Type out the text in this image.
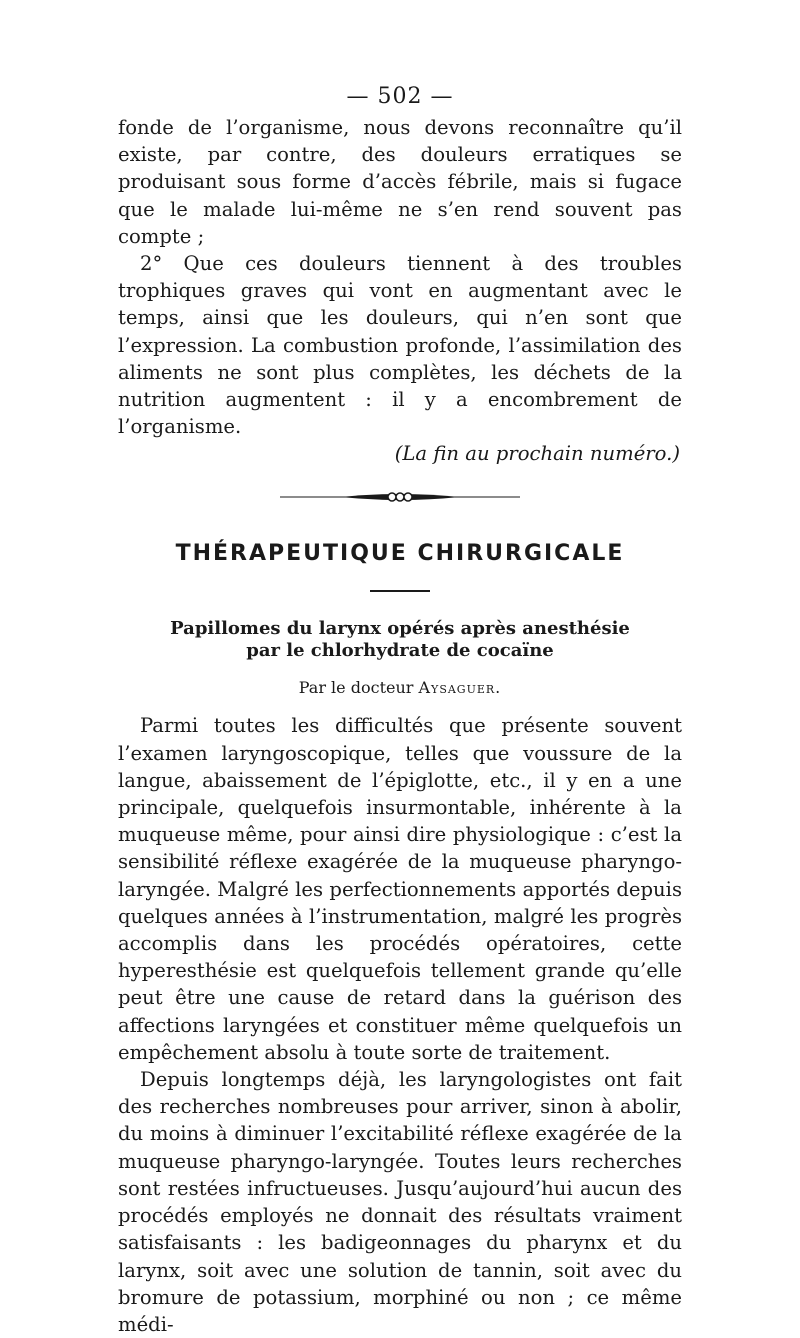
— 502 —

fonde de l’organisme, nous devons reconnaître qu’il existe, par contre, des douleurs erratiques se produisant sous forme d’accès fébrile, mais si fugace que le malade lui-même ne s’en rend souvent pas compte ;

2° Que ces douleurs tiennent à des troubles trophiques graves qui vont en augmentant avec le temps, ainsi que les douleurs, qui n’en sont que l’expression. La combustion profonde, l’assimilation des aliments ne sont plus complètes, les déchets de la nutrition augmentent : il y a encombrement de l’organisme.

(La fin au prochain numéro.)
THÉRAPEUTIQUE CHIRURGICALE

Papillomes du larynx opérés après anesthésie

par le chlorhydrate de cocaïne

Par le docteur Aysaguer.

Parmi toutes les difficultés que présente souvent l’examen laryngoscopique, telles que voussure de la langue, abaissement de l’épiglotte, etc., il y en a une principale, quelquefois insurmontable, inhérente à la muqueuse même, pour ainsi dire physiologique : c’est la sensibilité réflexe exagérée de la muqueuse pharyngo-laryngée. Malgré les perfectionnements apportés depuis quelques années à l’instrumentation, malgré les progrès accomplis dans les procédés opératoires, cette hyperesthésie est quelquefois tellement grande qu’elle peut être une cause de retard dans la guérison des affections laryngées et constituer même quelquefois un empêchement absolu à toute sorte de traitement.

Depuis longtemps déjà, les laryngologistes ont fait des recherches nombreuses pour arriver, sinon à abolir, du moins à diminuer l’excitabilité réflexe exagérée de la muqueuse pharyngo-laryngée. Toutes leurs recherches sont restées infructueuses. Jusqu’aujourd’hui aucun des procédés employés ne donnait des résultats vraiment satisfaisants : les badigeonnages du pharynx et du larynx, soit avec une solution de tannin, soit avec du bromure de potassium, morphiné ou non ; ce même médi-
